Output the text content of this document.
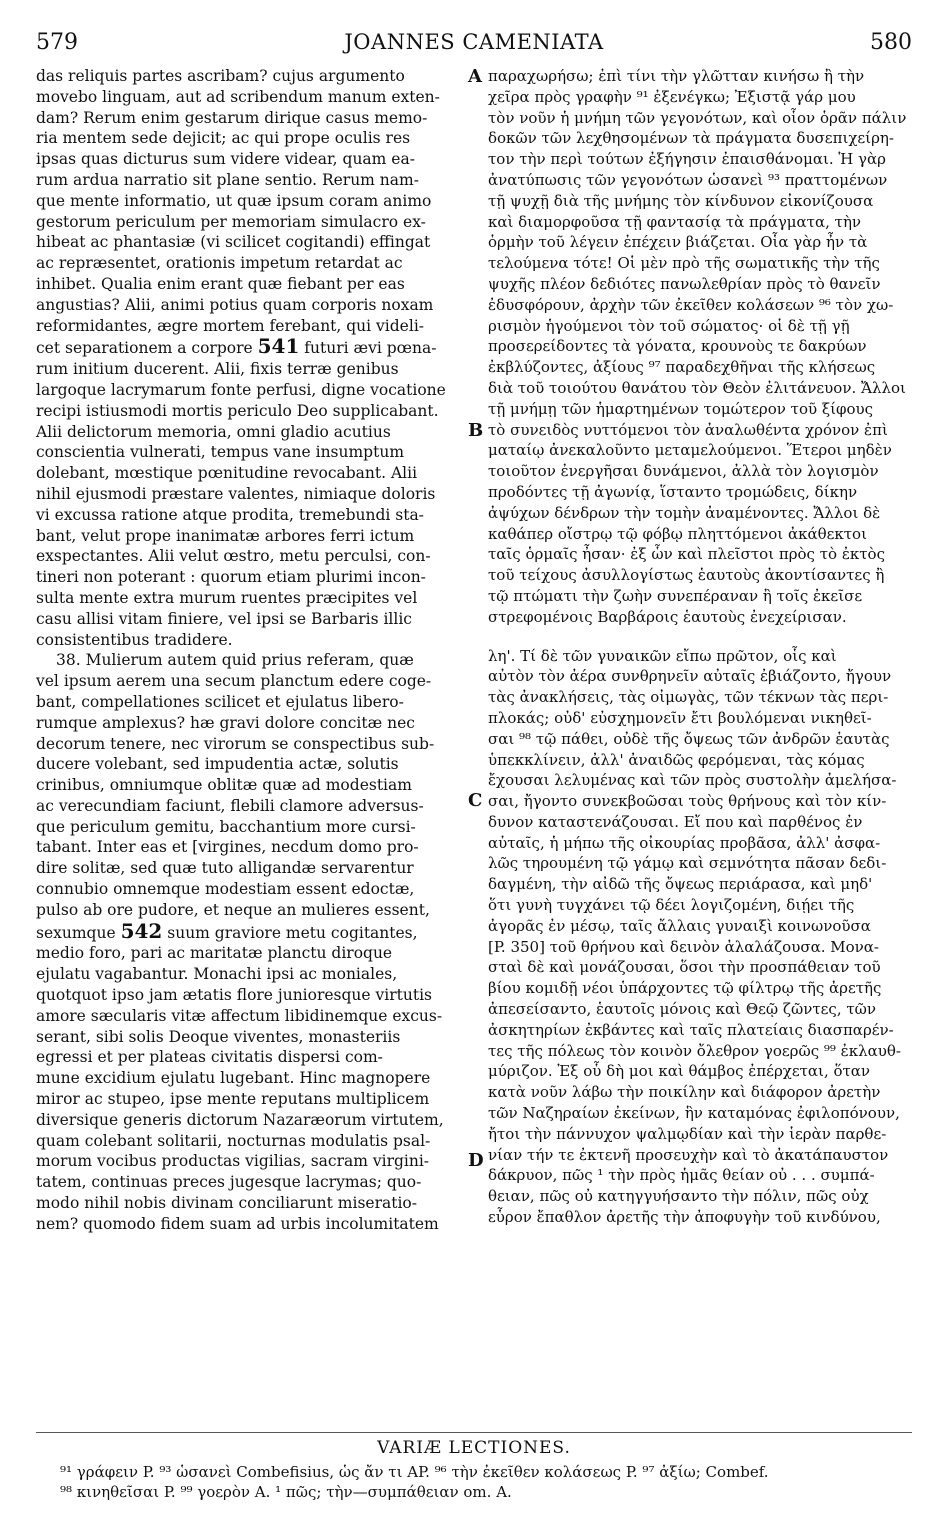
579	JOANNES CAMENIATA	580

das reliquis partes ascribam? cujus argumento
movebo linguam, aut ad scribendum manum exten-
dam? Rerum enim gestarum dirique casus memo-
ria mentem sede dejicit; ac qui prope oculis res
ipsas quas dicturus sum videre videar, quam ea-
rum ardua narratio sit plane sentio. Rerum nam-
que mente informatio, ut quæ ipsum coram animo
gestorum periculum per memoriam simulacro ex-
hibeat ac phantasiæ (vi scilicet cogitandi) effingat
ac repræsentet, orationis impetum retardat ac
inhibet. Qualia enim erant quæ fiebant per eas
angustias? Alii, animi potius quam corporis noxam
reformidantes, ægre mortem ferebant, qui videli-
cet separationem a corpore 541 futuri ævi pœna-
rum initium ducerent. Alii, fixis terræ genibus
largoque lacrymarum fonte perfusi, digne vocatione
recipi istiusmodi mortis periculo Deo supplicabant.
Alii delictorum memoria, omni gladio acutius
conscientia vulnerati, tempus vane insumptum
dolebant, mœstique pœnitudine revocabant. Alii
nihil ejusmodi præstare valentes, nimiaque doloris
vi excussa ratione atque prodita, tremebundi sta-
bant, velut prope inanimatæ arbores ferri ictum
exspectantes. Alii velut œstro, metu perculsi, con-
tineri non poterant : quorum etiam plurimi incon-
sulta mente extra murum ruentes præcipites vel
casu allisi vitam finiere, vel ipsi se Barbaris illic
consistentibus tradidere.

38. Mulierum autem quid prius referam, quæ
vel ipsum aerem una secum planctum edere coge-
bant, compellationes scilicet et ejulatus libero-
rumque amplexus? hæ gravi dolore concitæ nec
decorum tenere, nec virorum se conspectibus sub-
ducere volebant, sed impudentia actæ, solutis
crinibus, omniumque oblitæ quæ ad modestiam
ac verecundiam faciunt, flebili clamore adversus-
que periculum gemitu, bacchantium more cursi-
tabant. Inter eas et [virgines, necdum domo pro-
dire solitæ, sed quæ tuto alligandæ servarentur
connubio omnemque modestiam essent edoctæ,
pulso ab ore pudore, et neque an mulieres essent,
sexumque 542 suum graviore metu cogitantes,
medio foro, pari ac maritatæ planctu diroque
ejulatu vagabantur. Monachi ipsi ac moniales,
quotquot ipso jam ætatis flore junioresque virtutis
amore sæcularis vitæ affectum libidinemque excus-
serant, sibi solis Deoque viventes, monasteriis
egressi et per plateas civitatis dispersi com-
mune excidium ejulatu lugebant. Hinc magnopere
miror ac stupeo, ipse mente reputans multiplicem
diversique generis dictorum Nazaræorum virtutem,
quam colebant solitarii, nocturnas modulatis psal-
morum vocibus productas vigilias, sacram virgini-
tatem, continuas preces jugesque lacrymas; quo-
modo nihil nobis divinam conciliarunt miseratio-
nem? quomodo fidem suam ad urbis incolumitatem

A
B
C
D

παραχωρήσω; ἐπὶ τίνι τὴν γλῶτταν κινήσω ἢ τὴν
χεῖρα πρὸς γραφὴν ⁹¹ ἐξενέγκω; Ἐξιστᾷ γάρ μου
τὸν νοῦν ἡ μνήμη τῶν γεγονότων, καὶ οἷον ὁρᾶν πάλιν
δοκῶν τῶν λεχθησομένων τὰ πράγματα δυσεπιχείρη-
τον τὴν περὶ τούτων ἐξήγησιν ἐπαισθάνομαι. Ἡ γὰρ
ἀνατύπωσις τῶν γεγονότων ὡσανεὶ ⁹³ πραττομένων
τῇ ψυχῇ διὰ τῆς μνήμης τὸν κίνδυνον εἰκονίζουσα
καὶ διαμορφοῦσα τῇ φαντασίᾳ τὰ πράγματα, τὴν
ὁρμὴν τοῦ λέγειν ἐπέχειν βιάζεται. Οἷα γὰρ ἦν τὰ
τελούμενα τότε! Οἱ μὲν πρὸ τῆς σωματικῆς τὴν τῆς
ψυχῆς πλέον δεδιότες πανωλεθρίαν πρὸς τὸ θανεῖν
ἐδυσφόρουν, ἀρχὴν τῶν ἐκεῖθεν κολάσεων ⁹⁶ τὸν χω-
ρισμὸν ἡγούμενοι τὸν τοῦ σώματος· οἱ δὲ τῇ γῇ
προσερείδοντες τὰ γόνατα, κρουνοὺς τε δακρύων
ἐκβλύζοντες, ἀξίους ⁹⁷ παραδεχθῆναι τῆς κλήσεως
διὰ τοῦ τοιούτου θανάτου τὸν Θεὸν ἐλιτάνευον. Ἄλλοι
τῇ μνήμῃ τῶν ἡμαρτημένων τομώτερον τοῦ ξίφους
τὸ συνειδὸς νυττόμενοι τὸν ἀναλωθέντα χρόνον ἐπὶ
ματαίῳ ἀνεκαλοῦντο μεταμελούμενοι. Ἕτεροι μηδὲν
τοιοῦτον ἐνεργῆσαι δυνάμενοι, ἀλλὰ τὸν λογισμὸν
προδόντες τῇ ἀγωνίᾳ, ἵσταντο τρομώδεις, δίκην
ἀψύχων δένδρων τὴν τομὴν ἀναμένοντες. Ἄλλοι δὲ
καθάπερ οἴστρῳ τῷ φόβῳ πληττόμενοι ἀκάθεκτοι
ταῖς ὁρμαῖς ἦσαν· ἐξ ὧν καὶ πλεῖστοι πρὸς τὸ ἐκτὸς
τοῦ τείχους ἀσυλλογίστως ἑαυτοὺς ἀκοντίσαντες ἢ
τῷ πτώματι τὴν ζωὴν συνεπέραναν ἢ τοῖς ἐκεῖσε
στρεφομένοις Βαρβάροις ἑαυτοὺς ἐνεχείρισαν.

λη'. Τί δὲ τῶν γυναικῶν εἴπω πρῶτον, οἷς καὶ
αὐτὸν τὸν ἀέρα συνθρηνεῖν αὐταῖς ἐβιάζοντο, ἤγουν
τὰς ἀνακλήσεις, τὰς οἰμωγὰς, τῶν τέκνων τὰς περι-
πλοκάς; οὐδ' εὐσχημονεῖν ἔτι βουλόμεναι νικηθεῖ-
σαι ⁹⁸ τῷ πάθει, οὐδὲ τῆς ὄψεως τῶν ἀνδρῶν ἑαυτὰς
ὑπεκκλίνειν, ἀλλ' ἀναιδῶς φερόμεναι, τὰς κόμας
ἔχουσαι λελυμένας καὶ τῶν πρὸς συστολὴν ἀμελήσα-
σαι, ἤγοντο συνεκβοῶσαι τοὺς θρήνους καὶ τὸν κίν-
δυνον καταστενάζουσαι. Εἴ που καὶ παρθένος ἐν
αὐταῖς, ἡ μήπω τῆς οἰκουρίας προβᾶσα, ἀλλ' ἀσφα-
λῶς τηρουμένη τῷ γάμῳ καὶ σεμνότητα πᾶσαν δεδι-
δαγμένη, τὴν αἰδῶ τῆς ὄψεως περιάρασα, καὶ μηδ'
ὅτι γυνὴ τυγχάνει τῷ δέει λογιζομένη, διῄει τῆς
ἀγορᾶς ἐν μέσῳ, ταῖς ἄλλαις γυναιξὶ κοινωνοῦσα
[P. 350] τοῦ θρήνου καὶ δεινὸν ἀλαλάζουσα. Μονα-
σταὶ δὲ καὶ μονάζουσαι, ὅσοι τὴν προσπάθειαν τοῦ
βίου κομιδῇ νέοι ὑπάρχοντες τῷ φίλτρῳ τῆς ἀρετῆς
ἀπεσείσαντο, ἑαυτοῖς μόνοις καὶ Θεῷ ζῶντες, τῶν
ἀσκητηρίων ἐκβάντες καὶ ταῖς πλατείαις διασπαρέν-
τες τῆς πόλεως τὸν κοινὸν ὄλεθρον γοερῶς ⁹⁹ ἐκλαυθ-
μύριζον. Ἐξ οὗ δὴ μοι καὶ θάμβος ἐπέρχεται, ὅταν
κατὰ νοῦν λάβω τὴν ποικίλην καὶ διάφορον ἀρετὴν
τῶν Ναζηραίων ἐκείνων, ἣν καταμόνας ἐφιλοπόνουν,
ἤτοι τὴν πάννυχον ψαλμῳδίαν καὶ τὴν ἱερὰν παρθε-
νίαν τήν τε ἐκτενῆ προσευχὴν καὶ τὸ ἀκατάπαυστον
δάκρυον, πῶς ¹ τὴν πρὸς ἡμᾶς θείαν οὐ . . . συμπά-
θειαν, πῶς οὐ κατηγγυήσαντο τὴν πόλιν, πῶς οὐχ
εὗρον ἔπαθλον ἀρετῆς τὴν ἀποφυγὴν τοῦ κινδύνου,

VARIÆ LECTIONES.
⁹¹ γράφειν P. ⁹³ ὡσανεὶ Combefisius, ὡς ἄν τι AP. ⁹⁶ τὴν ἐκεῖθεν κολάσεως P. ⁹⁷ ἀξίω; Combef.
⁹⁸ κινηθεῖσαι P. ⁹⁹ γοερὸν A. ¹ πῶς; τὴν—συμπάθειαν om. A.
